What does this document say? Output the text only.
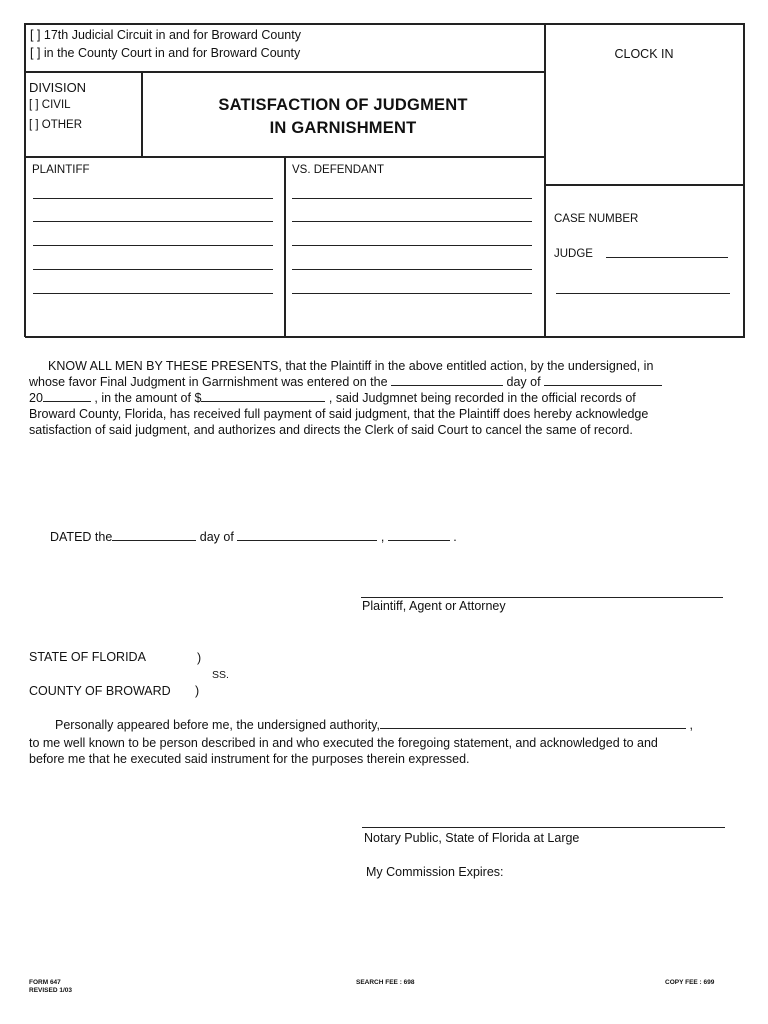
[ ] 17th Judicial Circuit in and for Broward County
[ ] in the County Court in and for Broward County	CLOCK IN
DIVISION
[ ] CIVIL
[ ] OTHER
SATISFACTION OF JUDGMENT
IN GARNISHMENT
PLAINTIFF	VS. DEFENDANT
CASE NUMBER
JUDGE
KNOW ALL MEN BY THESE PRESENTS, that the Plaintiff in the above entitled action, by the undersigned, in
whose favor Final Judgment in Garrnishment was entered on the	day of
20	, in the amount of $	, said Judgmnet being recorded in the official records of
Broward County, Florida, has received full payment of said judgment, that the Plaintiff does hereby acknowledge
satisfaction of said judgment, and authorizes and directs the Clerk of said Court to cancel the same of record.
DATED the	day of	,	.
Plaintiff, Agent or Attorney
STATE OF FLORIDA	)
SS.
COUNTY OF BROWARD )
Personally appeared before me, the undersigned authority,	,
to me well known to be person described in and who executed the foregoing statement, and acknowledged to and
before me that he executed said instrument for the purposes therein expressed.
Notary Public, State of Florida at Large
My Commission Expires:
FORM 647
REVISED 1/03
SEARCH FEE : 698	COPY FEE : 699
